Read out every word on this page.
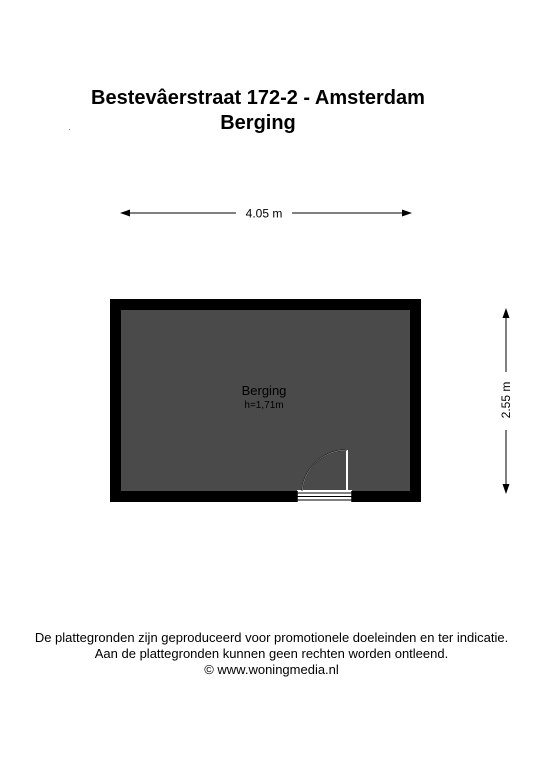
Bestevâerstraat 172-2 - Amsterdam
Berging
4.05 m
2.55 m
Berging
h=1,71m
De plattegronden zijn geproduceerd voor promotionele doeleinden en ter indicatie.
Aan de plattegronden kunnen geen rechten worden ontleend.
© www.woningmedia.nl
